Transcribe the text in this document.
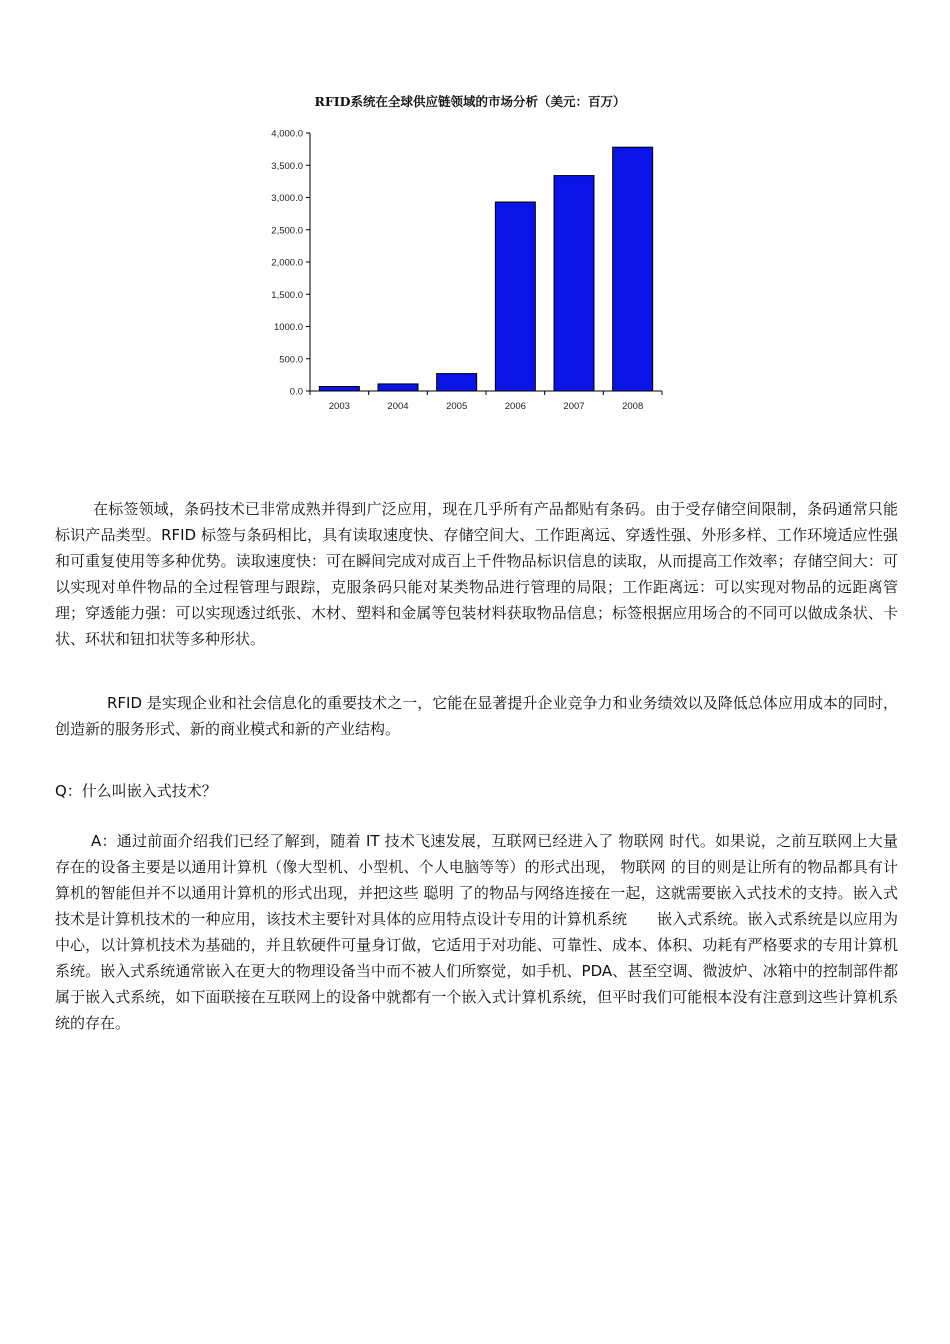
RFID系统在全球供应链领域的市场分析（美元：百万）
0.0
500.0
1000.0
1,500.0
2,000.0
2,500.0
3,000.0
3,500.0
4,000.0
2003	2004	2005	2006	2007	2008

在标签领域，条码技术已非常成熟并得到广泛应用，现在几乎所有产品都贴有条码。由于受存储空间限制，条码通常只能标识产品类型。RFID 标签与条码相比，具有读取速度快、存储空间大、工作距离远、穿透性强、外形多样、工作环境适应性强和可重复使用等多种优势。读取速度快：可在瞬间完成对成百上千件物品标识信息的读取，从而提高工作效率；存储空间大：可以实现对单件物品的全过程管理与跟踪，克服条码只能对某类物品进行管理的局限；工作距离远：可以实现对物品的远距离管理；穿透能力强：可以实现透过纸张、木材、塑料和金属等包装材料获取物品信息；标签根据应用场合的不同可以做成条状、卡状、环状和钮扣状等多种形状。

RFID 是实现企业和社会信息化的重要技术之一，它能在显著提升企业竞争力和业务绩效以及降低总体应用成本的同时，创造新的服务形式、新的商业模式和新的产业结构。

Q：什么叫嵌入式技术？

A：通过前面介绍我们已经了解到，随着 IT 技术飞速发展，互联网已经进入了 物联网 时代。如果说，之前互联网上大量存在的设备主要是以通用计算机（像大型机、小型机、个人电脑等等）的形式出现， 物联网 的目的则是让所有的物品都具有计算机的智能但并不以通用计算机的形式出现，并把这些 聪明 了的物品与网络连接在一起，这就需要嵌入式技术的支持。嵌入式技术是计算机技术的一种应用，该技术主要针对具体的应用特点设计专用的计算机系统　　嵌入式系统。嵌入式系统是以应用为中心，以计算机技术为基础的，并且软硬件可量身订做，它适用于对功能、可靠性、成本、体积、功耗有严格要求的专用计算机系统。嵌入式系统通常嵌入在更大的物理设备当中而不被人们所察觉，如手机、PDA、甚至空调、微波炉、冰箱中的控制部件都属于嵌入式系统，如下面联接在互联网上的设备中就都有一个嵌入式计算机系统，但平时我们可能根本没有注意到这些计算机系统的存在。
